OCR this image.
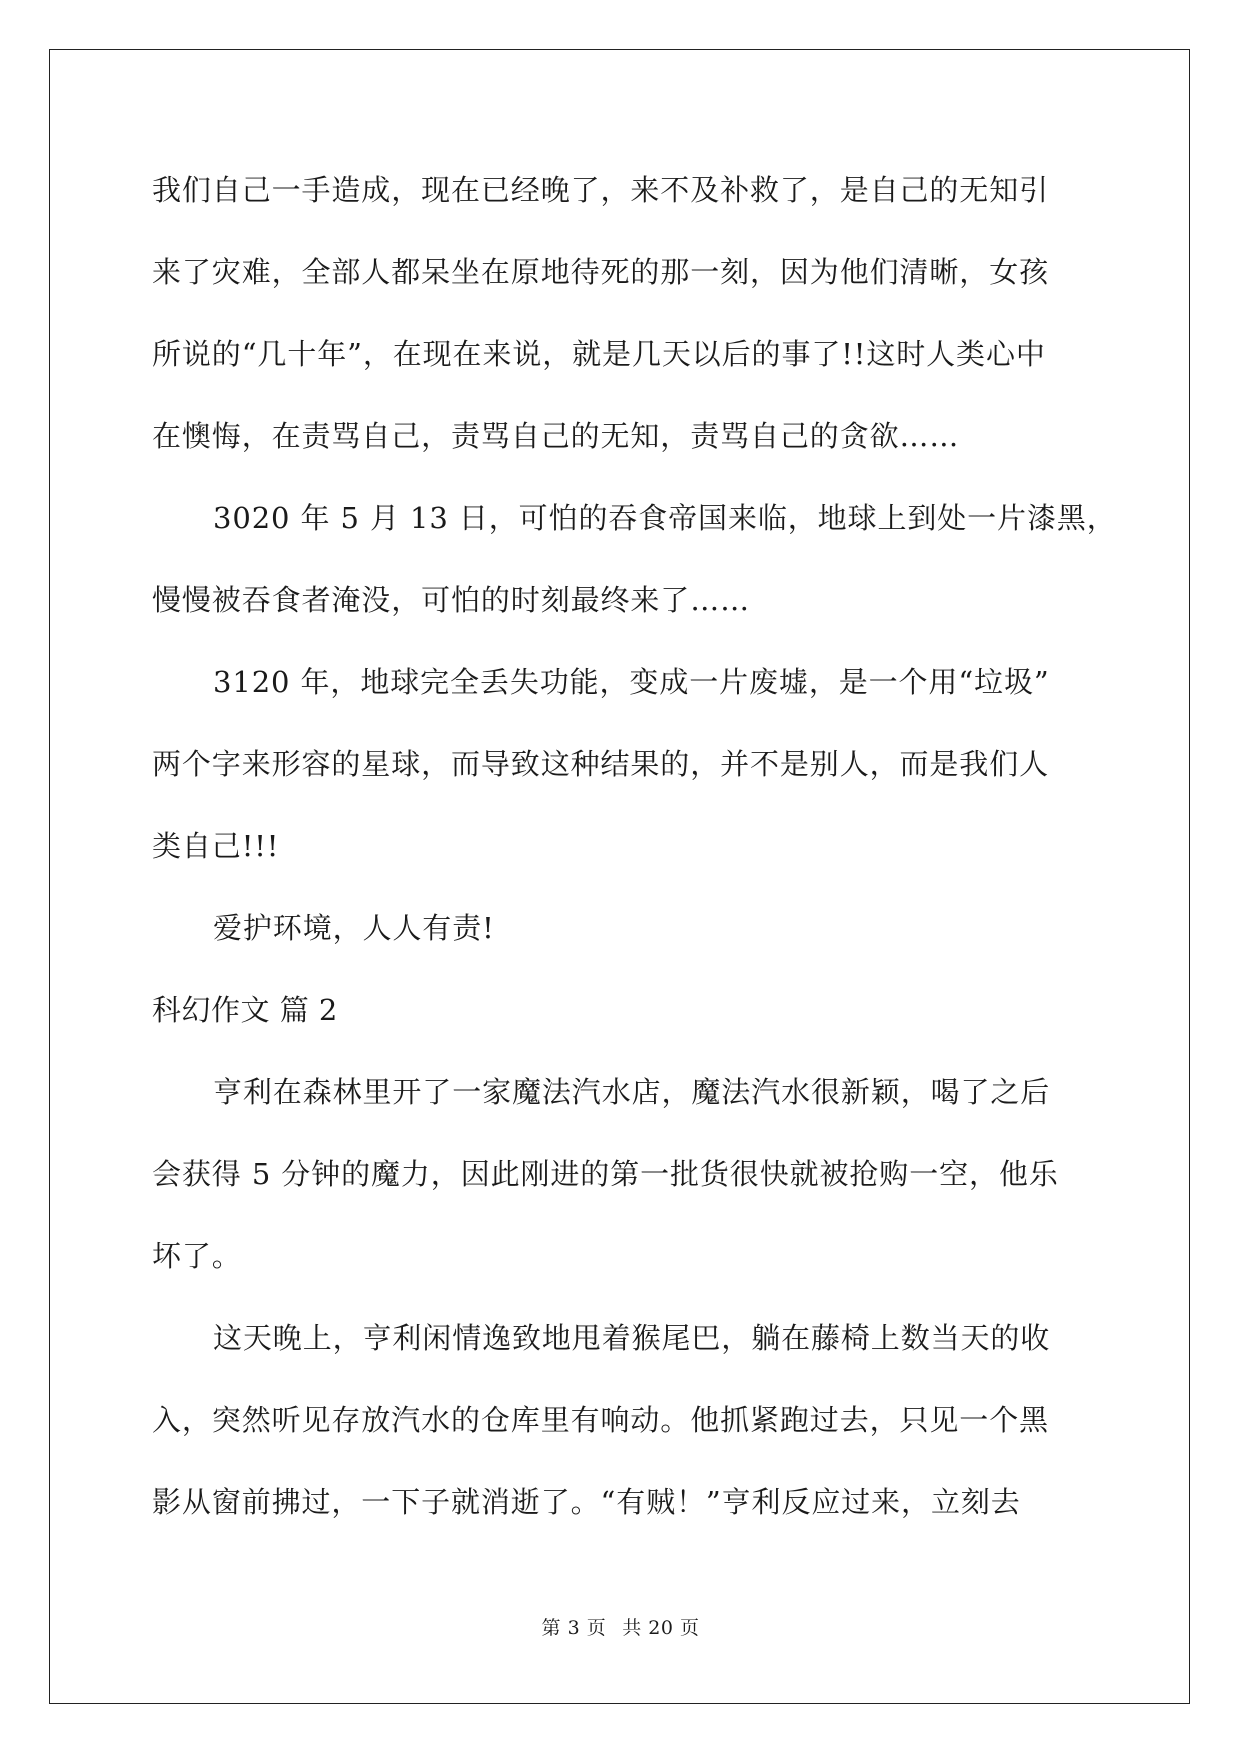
我们自己一手造成，现在已经晚了，来不及补救了，是自己的无知引
来了灾难，全部人都呆坐在原地待死的那一刻，因为他们清晰，女孩
所说的“几十年”，在现在来说，就是几天以后的事了!!这时人类心中
在懊悔，在责骂自己，责骂自己的无知，责骂自己的贪欲……
3020 年 5 月 13 日，可怕的吞食帝国来临，地球上到处一片漆黑，
慢慢被吞食者淹没，可怕的时刻最终来了……
3120 年，地球完全丢失功能，变成一片废墟，是一个用“垃圾”
两个字来形容的星球，而导致这种结果的，并不是别人，而是我们人
类自己!!!
爱护环境，人人有责!
科幻作文 篇 2
亨利在森林里开了一家魔法汽水店，魔法汽水很新颖，喝了之后
会获得 5 分钟的魔力，因此刚进的第一批货很快就被抢购一空，他乐
坏了。
这天晚上，亨利闲情逸致地甩着猴尾巴，躺在藤椅上数当天的收
入，突然听见存放汽水的仓库里有响动。他抓紧跑过去，只见一个黑
影从窗前拂过，一下子就消逝了。“有贼！”亨利反应过来，立刻去
第 3 页 共 20 页
